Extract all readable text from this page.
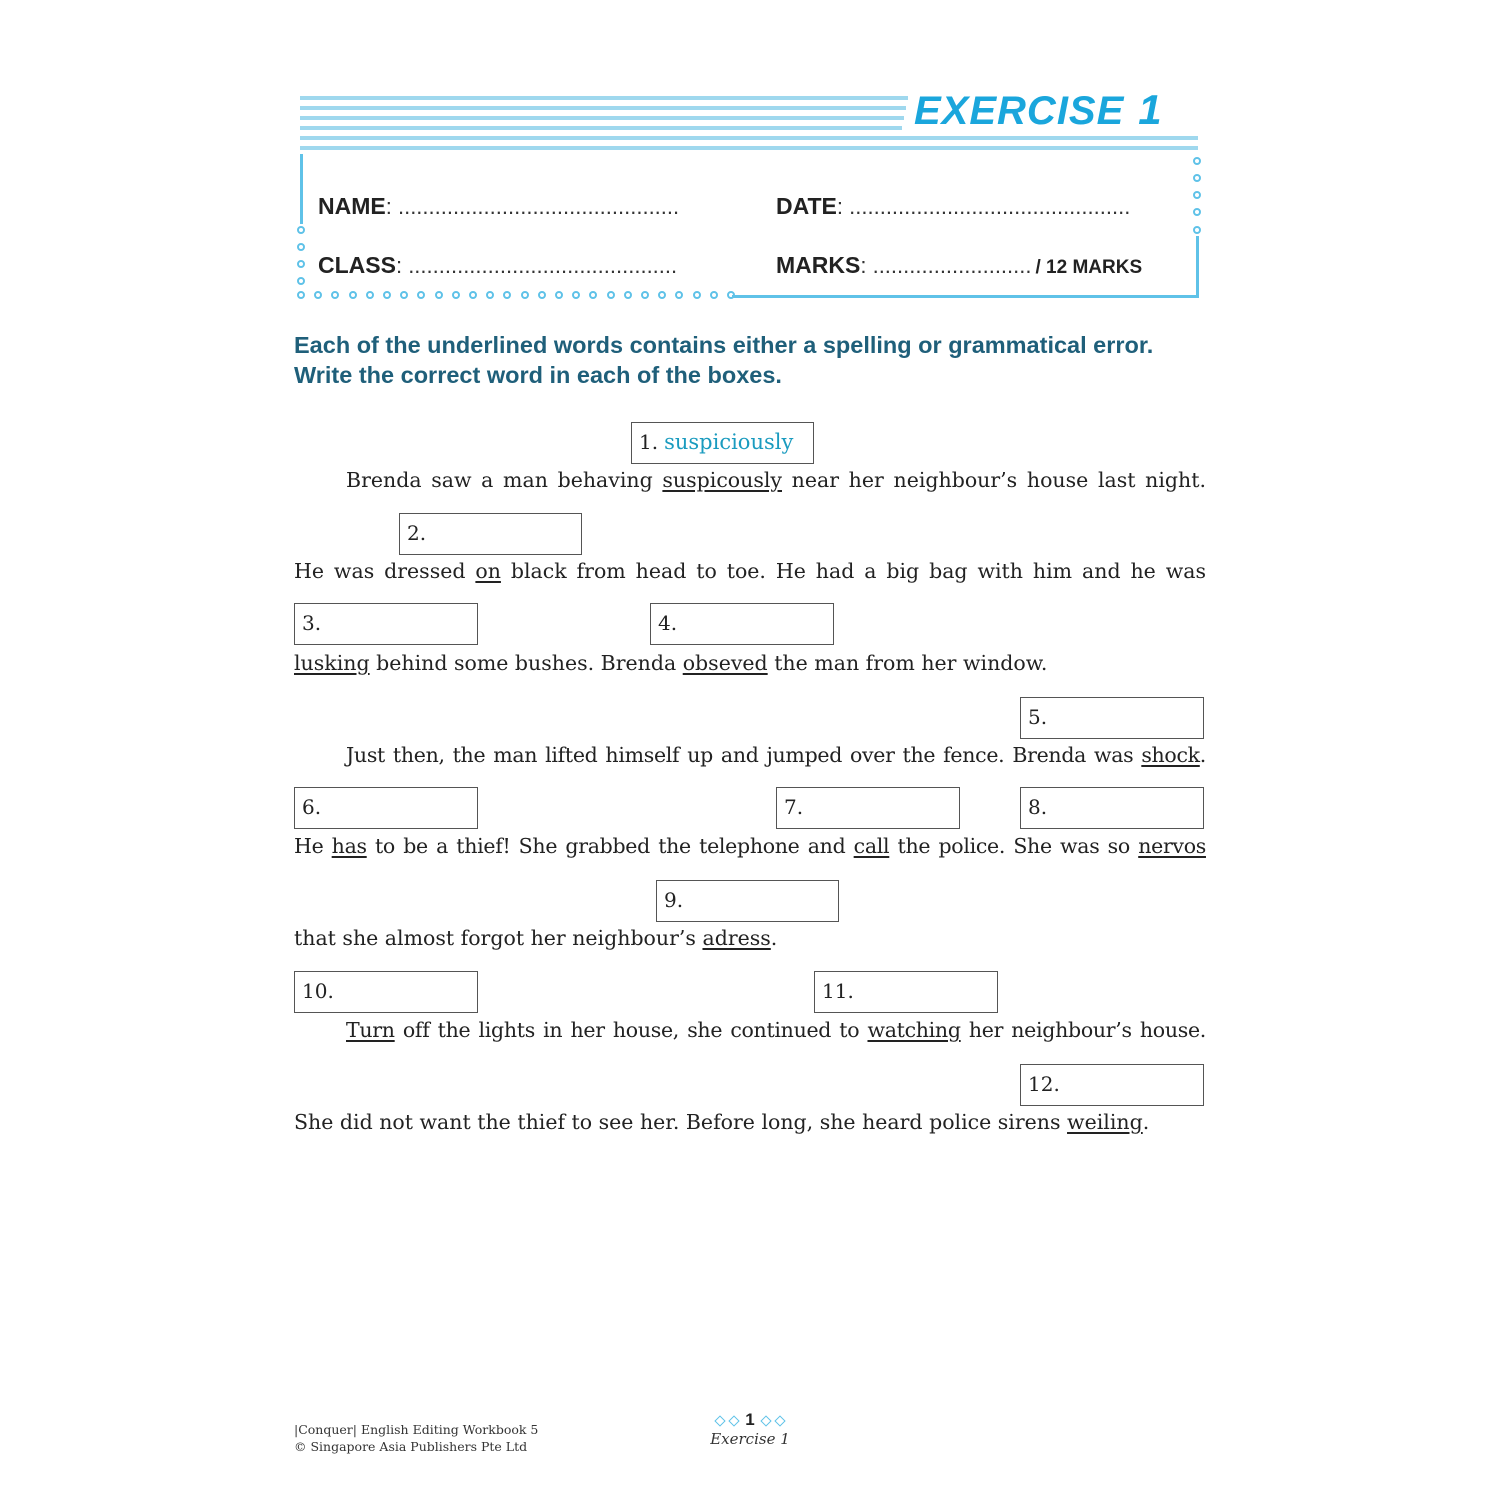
EXERCISE 1
NAME: ..............................................	DATE: ..............................................
CLASS: ............................................	MARKS: .......................... / 12 MARKS
Each of the underlined words contains either a spelling or grammatical error.
Write the correct word in each of the boxes.
1. suspiciously
2.
3.	4.
5.
6.	7.	8.
9.
10.	11.
12.
Brenda saw a man behaving suspicously near her neighbour’s house last night.
He was dressed on black from head to toe. He had a big bag with him and he was
lusking behind some bushes. Brenda obseved the man from her window.
Just then, the man lifted himself up and jumped over the fence. Brenda was shock.
He has to be a thief! She grabbed the telephone and call the police. She was so nervos
that she almost forgot her neighbour’s adress.
Turn off the lights in her house, she continued to watching her neighbour’s house.
She did not want the thief to see her. Before long, she heard police sirens weiling.
|Conquer| English Editing Workbook 5
© Singapore Asia Publishers Pte Ltd
1
Exercise 1
